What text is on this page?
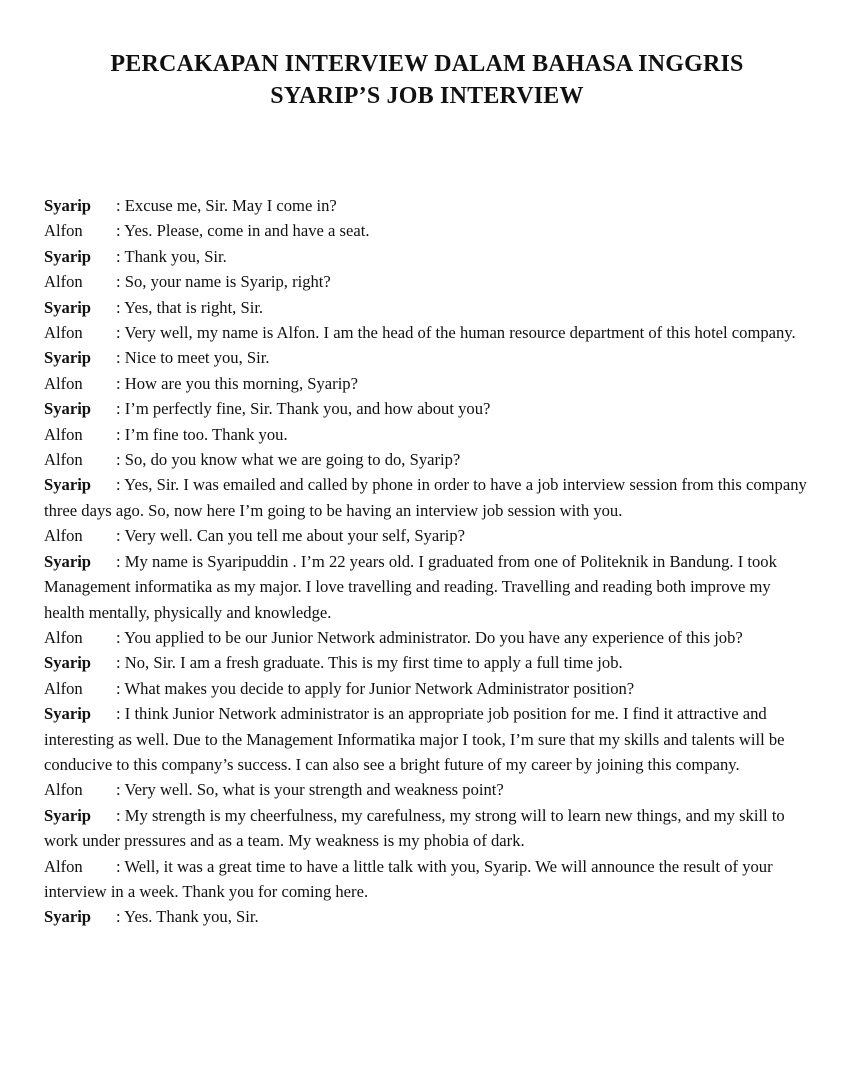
PERCAKAPAN INTERVIEW DALAM BAHASA INGGRIS
SYARIP’S JOB INTERVIEW

Syarip : Excuse me, Sir. May I come in?

Alfon : Yes. Please, come in and have a seat.

Syarip : Thank you, Sir.

Alfon : So, your name is Syarip, right?

Syarip : Yes, that is right, Sir.

Alfon : Very well, my name is Alfon. I am the head of the human resource department of this hotel company.

Syarip : Nice to meet you, Sir.

Alfon : How are you this morning, Syarip?

Syarip : I’m perfectly fine, Sir. Thank you, and how about you?

Alfon : I’m fine too. Thank you.

Alfon : So, do you know what we are going to do, Syarip?

Syarip : Yes, Sir. I was emailed and called by phone in order to have a job interview session from this company three days ago. So, now here I’m going to be having an interview job session with you.

Alfon : Very well. Can you tell me about your self, Syarip?

Syarip : My name is Syaripuddin . I’m 22 years old. I graduated from one of Politeknik in Bandung. I took Management informatika as my major. I love travelling and reading. Travelling and reading both improve my health mentally, physically and knowledge.

Alfon : You applied to be our Junior Network administrator. Do you have any experience of this job?

Syarip : No, Sir. I am a fresh graduate. This is my first time to apply a full time job.

Alfon : What makes you decide to apply for Junior Network Administrator position?

Syarip : I think Junior Network administrator is an appropriate job position for me. I find it attractive and interesting as well. Due to the Management Informatika major I took, I’m sure that my skills and talents will be conducive to this company’s success. I can also see a bright future of my career by joining this company.

Alfon : Very well. So, what is your strength and weakness point?

Syarip : My strength is my cheerfulness, my carefulness, my strong will to learn new things, and my skill to work under pressures and as a team. My weakness is my phobia of dark.

Alfon : Well, it was a great time to have a little talk with you, Syarip. We will announce the result of your interview in a week. Thank you for coming here.

Syarip : Yes. Thank you, Sir.
